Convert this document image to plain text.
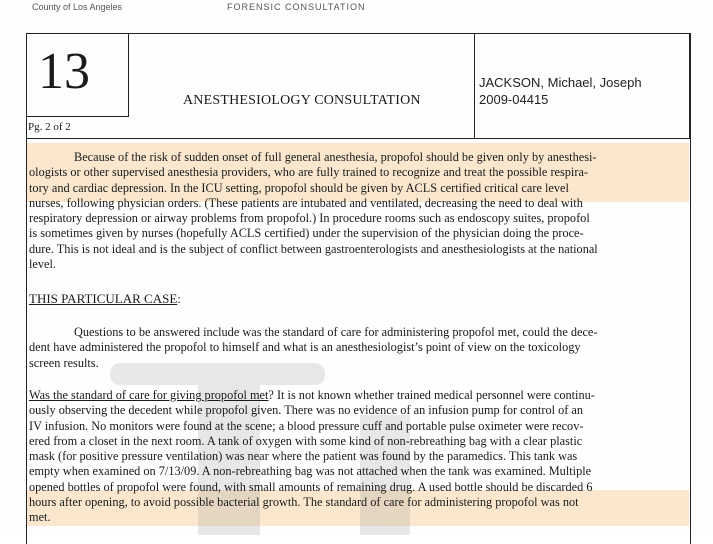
County of Los Angeles	FORENSIC CONSULTATION
13
ANESTHESIOLOGY CONSULTATION
Pg. 2 of 2
JACKSON, Michael, Joseph
2009-04415
Because of the risk of sudden onset of full general anesthesia, propofol should be given only by anesthesi-
ologists or other supervised anesthesia providers, who are fully trained to recognize and treat the possible respira-
tory and cardiac depression. In the ICU setting, propofol should be given by ACLS certified critical care level
nurses, following physician orders. (These patients are intubated and ventilated, decreasing the need to deal with
respiratory depression or airway problems from propofol.) In procedure rooms such as endoscopy suites, propofol
is sometimes given by nurses (hopefully ACLS certified) under the supervision of the physician doing the proce-
dure. This is not ideal and is the subject of conflict between gastroenterologists and anesthesiologists at the national
level.
THIS PARTICULAR CASE:
Questions to be answered include was the standard of care for administering propofol met, could the dece-
dent have administered the propofol to himself and what is an anesthesiologist’s point of view on the toxicology
screen results.
Was the standard of care for giving propofol met? It is not known whether trained medical personnel were continu-
ously observing the decedent while propofol given. There was no evidence of an infusion pump for control of an
IV infusion. No monitors were found at the scene; a blood pressure cuff and portable pulse oximeter were recov-
ered from a closet in the next room. A tank of oxygen with some kind of non-rebreathing bag with a clear plastic
mask (for positive pressure ventilation) was near where the patient was found by the paramedics. This tank was
empty when examined on 7/13/09. A non-rebreathing bag was not attached when the tank was examined. Multiple
opened bottles of propofol were found, with small amounts of remaining drug. A used bottle should be discarded 6
hours after opening, to avoid possible bacterial growth. The standard of care for administering propofol was not
met.
